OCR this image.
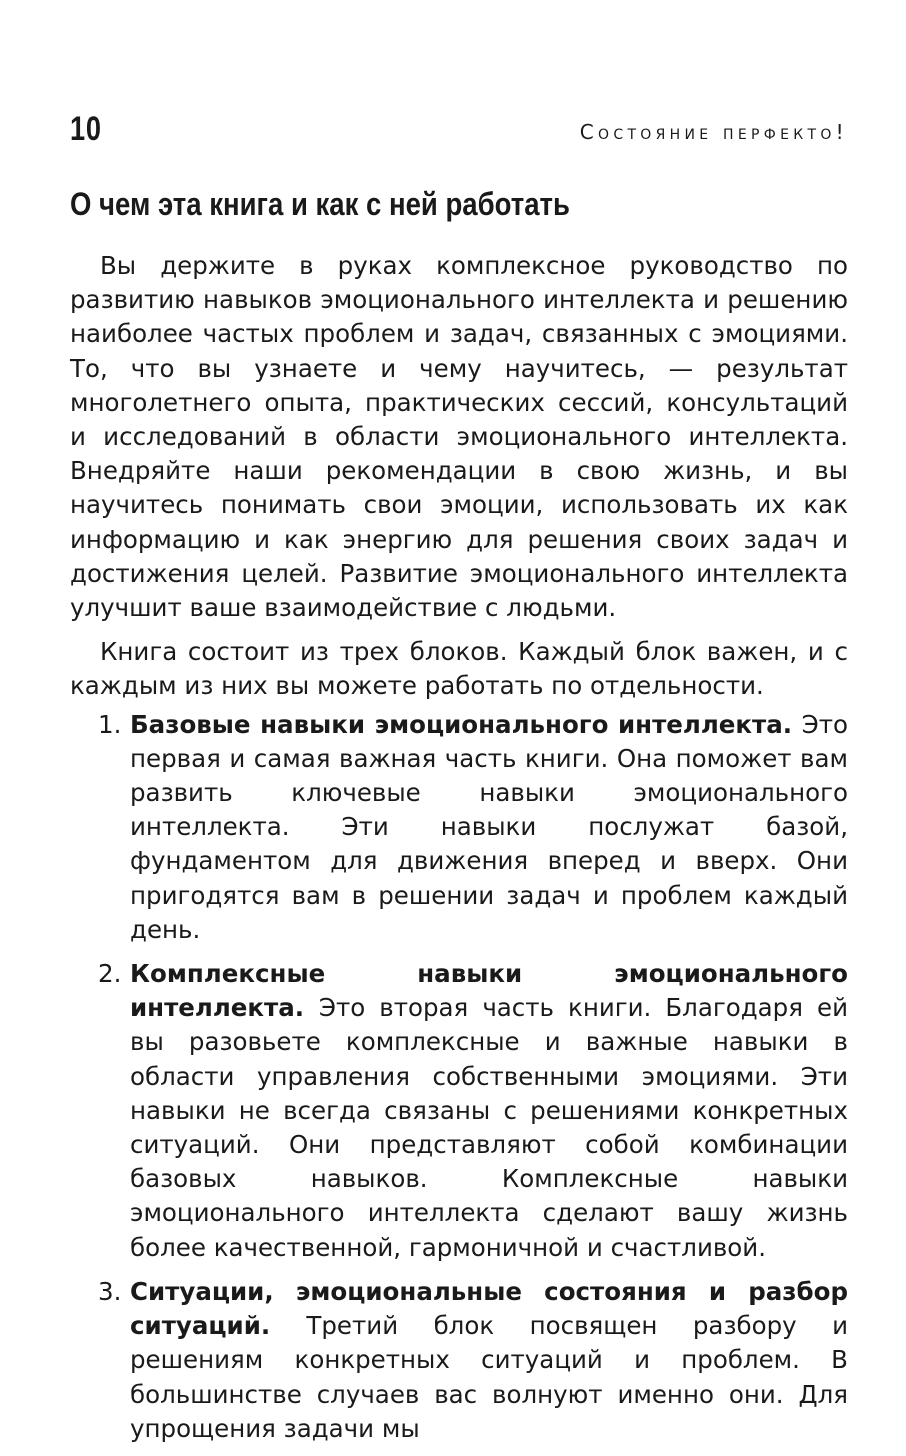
10	Состояние перфекто!
О чем эта книга и как с ней работать

Вы держите в руках комплексное руководство по развитию навыков эмоционального интеллекта и решению наиболее частых проблем и задач, связанных с эмоциями. То, что вы узнаете и чему научитесь, — результат многолетнего опыта, практических сессий, консультаций и исследований в области эмоционального интеллекта. Внедряйте наши рекомендации в свою жизнь, и вы научитесь понимать свои эмоции, использовать их как информацию и как энергию для решения своих задач и достижения целей. Развитие эмоционального интеллекта улучшит ваше взаимодействие с людьми.

Книга состоит из трех блоков. Каждый блок важен, и с каждым из них вы можете работать по отдельности.

1. Базовые навыки эмоционального интеллекта. Это первая и самая важная часть книги. Она поможет вам развить ключевые навыки эмоционального интеллекта. Эти навыки послужат базой, фундаментом для движения вперед и вверх. Они пригодятся вам в решении задач и проблем каждый день.
2. Комплексные навыки эмоционального интеллекта. Это вторая часть книги. Благодаря ей вы разовьете комплексные и важные навыки в области управления собственными эмоциями. Эти навыки не всегда связаны с решениями конкретных ситуаций. Они представляют собой комбинации базовых навыков. Комплексные навыки эмоционального интеллекта сделают вашу жизнь более качественной, гармоничной и счастливой.
3. Ситуации, эмоциональные состояния и разбор ситуаций. Третий блок посвящен разбору и решениям конкретных ситуаций и проблем. В большинстве случаев вас волнуют именно они. Для упрощения задачи мы
